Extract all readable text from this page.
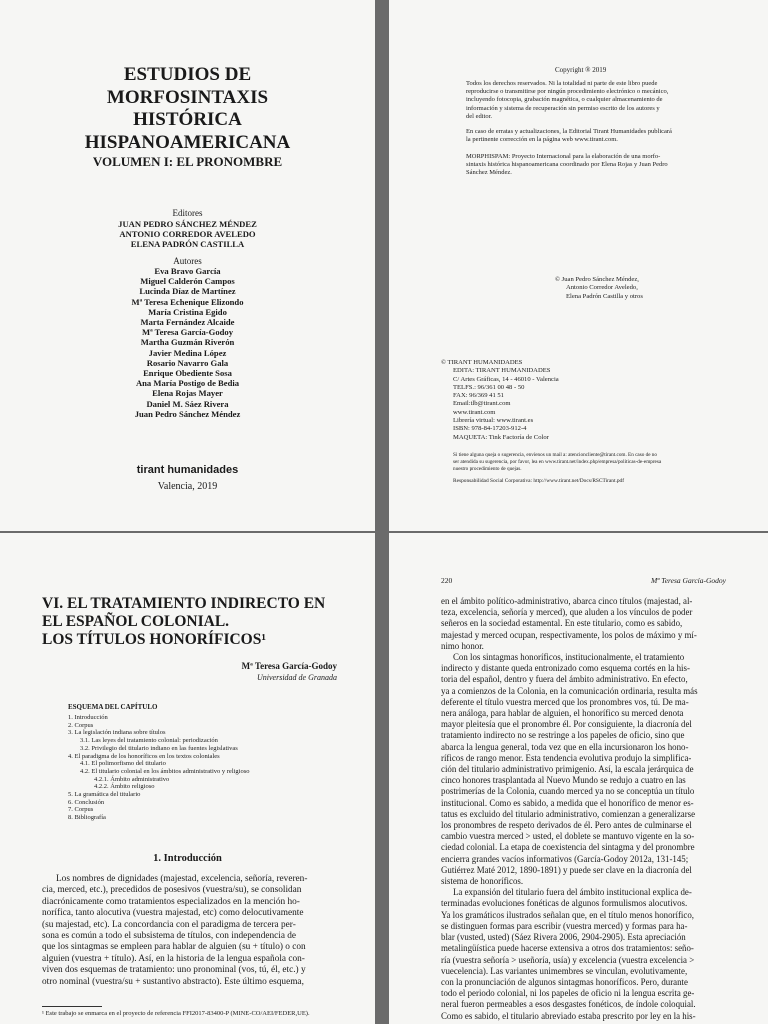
ESTUDIOS DE
MORFOSINTAXIS
HISTÓRICA
HISPANOAMERICANA
VOLUMEN I: EL PRONOMBRE
Editores
JUAN PEDRO SÁNCHEZ MÉNDEZ
ANTONIO CORREDOR AVELEDO
ELENA PADRÓN CASTILLA
Autores
Eva Bravo García
Miguel Calderón Campos
Lucinda Díaz de Martínez
Mª Teresa Echenique Elizondo
María Cristina Egido
Marta Fernández Alcaide
Mª Teresa García-Godoy
Martha Guzmán Riverón
Javier Medina López
Rosario Navarro Gala
Enrique Obediente Sosa
Ana María Postigo de Bedia
Elena Rojas Mayer
Daniel M. Sáez Rivera
Juan Pedro Sánchez Méndez
tirant humanidades
Valencia, 2019
Copyright ® 2019
Todos los derechos reservados. Ni la totalidad ni parte de este libro puede
reproducirse o transmitirse por ningún procedimiento electrónico o mecánico,
incluyendo fotocopia, grabación magnética, o cualquier almacenamiento de
información y sistema de recuperación sin permiso escrito de los autores y
del editor.
En caso de erratas y actualizaciones, la Editorial Tirant Humanidades publicará
la pertinente corrección en la página web www.tirant.com.
MORPHISPAM: Proyecto Internacional para la elaboración de una morfo-
sintaxis histórica hispanoamericana coordinado por Elena Rojas y Juan Pedro
Sánchez Méndez.
© Juan Pedro Sánchez Méndez,
Antonio Corredor Aveledo,
Elena Padrón Castilla y otros
© TIRANT HUMANIDADES
EDITA: TIRANT HUMANIDADES
C/ Artes Gráficas, 14 - 46010 - Valencia
TELFS.: 96/361 00 48 - 50
FAX: 96/369 41 51
Email:tlb@tirant.com
www.tirant.com
Librería virtual: www.tirant.es
ISBN: 978-84-17203-912-4
MAQUETA: Tink Factoría de Color
Si tiene alguna queja o sugerencia, envíenos un mail a: atencioncliente@tirant.com. En caso de no
ser atendida su sugerencia, por favor, lea en www.tirant.net/index.php/empresa/politicas-de-empresa
nuestro procedimiento de quejas.
Responsabilidad Social Corporativa: http://www.tirant.net/Docs/RSCTirant.pdf
VI. EL TRATAMIENTO INDIRECTO EN
EL ESPAÑOL COLONIAL.
LOS TÍTULOS HONORÍFICOS¹
Mª Teresa García-Godoy
Universidad de Granada
ESQUEMA DEL CAPÍTULO
1. Introducción
2. Corpus
3. La legislación indiana sobre títulos
3.1. Las leyes del tratamiento colonial: periodización
3.2. Privilegio del titulario indiano en las fuentes legislativas
4. El paradigma de los honoríficos en los textos coloniales
4.1. El polimorfismo del titulario
4.2. El titulario colonial en los ámbitos administrativo y religioso
4.2.1. Ámbito administrativo
4.2.2. Ámbito religioso
5. La gramática del titulario
6. Conclusión
7. Corpus
8. Bibliografía
1. Introducción
Los nombres de dignidades (majestad, excelencia, señoría, reveren-
cia, merced, etc.), precedidos de posesivos (vuestra/su), se consolidan
diacrónicamente como tratamientos especializados en la mención ho-
norífica, tanto alocutiva (vuestra majestad, etc) como delocutivamente
(su majestad, etc). La concordancia con el paradigma de tercera per-
sona es común a todo el subsistema de títulos, con independencia de
que los sintagmas se empleen para hablar de alguien (su + título) o con
alguien (vuestra + título). Así, en la historia de la lengua española con-
viven dos esquemas de tratamiento: uno pronominal (vos, tú, él, etc.) y
otro nominal (vuestra/su + sustantivo abstracto). Este último esquema,
¹ Este trabajo se enmarca en el proyecto de referencia FFI2017-83400-P (MINE-CO/AEI/FEDER,UE).
220	Mª Teresa García-Godoy
en el ámbito político-administrativo, abarca cinco títulos (majestad, al-
teza, excelencia, señoría y merced), que aluden a los vínculos de poder
señeros en la sociedad estamental. En este titulario, como es sabido,
majestad y merced ocupan, respectivamente, los polos de máximo y mí-
nimo honor.
Con los sintagmas honoríficos, institucionalmente, el tratamiento
indirecto y distante queda entronizado como esquema cortés en la his-
toria del español, dentro y fuera del ámbito administrativo. En efecto,
ya a comienzos de la Colonia, en la comunicación ordinaria, resulta más
deferente el título vuestra merced que los pronombres vos, tú. De ma-
nera análoga, para hablar de alguien, el honorífico su merced denota
mayor pleitesía que el pronombre él. Por consiguiente, la diacronía del
tratamiento indirecto no se restringe a los papeles de oficio, sino que
abarca la lengua general, toda vez que en ella incursionaron los hono-
ríficos de rango menor. Esta tendencia evolutiva produjo la simplifica-
ción del titulario administrativo primigenio. Así, la escala jerárquica de
cinco honores trasplantada al Nuevo Mundo se redujo a cuatro en las
postrimerías de la Colonia, cuando merced ya no se conceptúa un título
institucional. Como es sabido, a medida que el honorífico de menor es-
tatus es excluido del titulario administrativo, comienzan a generalizarse
los pronombres de respeto derivados de él. Pero antes de culminarse el
cambio vuestra merced > usted, el doblete se mantuvo vigente en la so-
ciedad colonial. La etapa de coexistencia del sintagma y del pronombre
encierra grandes vacíos informativos (García-Godoy 2012a, 131-145;
Gutiérrez Maté 2012, 1890-1891) y puede ser clave en la diacronía del
sistema de honoríficos.
La expansión del titulario fuera del ámbito institucional explica de-
terminadas evoluciones fonéticas de algunos formulismos alocutivos.
Ya los gramáticos ilustrados señalan que, en el título menos honorífico,
se distinguen formas para escribir (vuestra merced) y formas para ha-
blar (vusted, usted) (Sáez Rivera 2006, 2904-2905). Esta apreciación
metalingüística puede hacerse extensiva a otros dos tratamientos: seño-
ría (vuestra señoría > useñoría, usía) y excelencia (vuestra excelencia >
vuecelencia). Las variantes unimembres se vinculan, evolutivamente,
con la pronunciación de algunos sintagmas honoríficos. Pero, durante
todo el periodo colonial, ni los papeles de oficio ni la lengua escrita ge-
neral fueron permeables a esos desgastes fonéticos, de índole coloquial.
Como es sabido, el titulario abreviado estaba prescrito por ley en la his-
